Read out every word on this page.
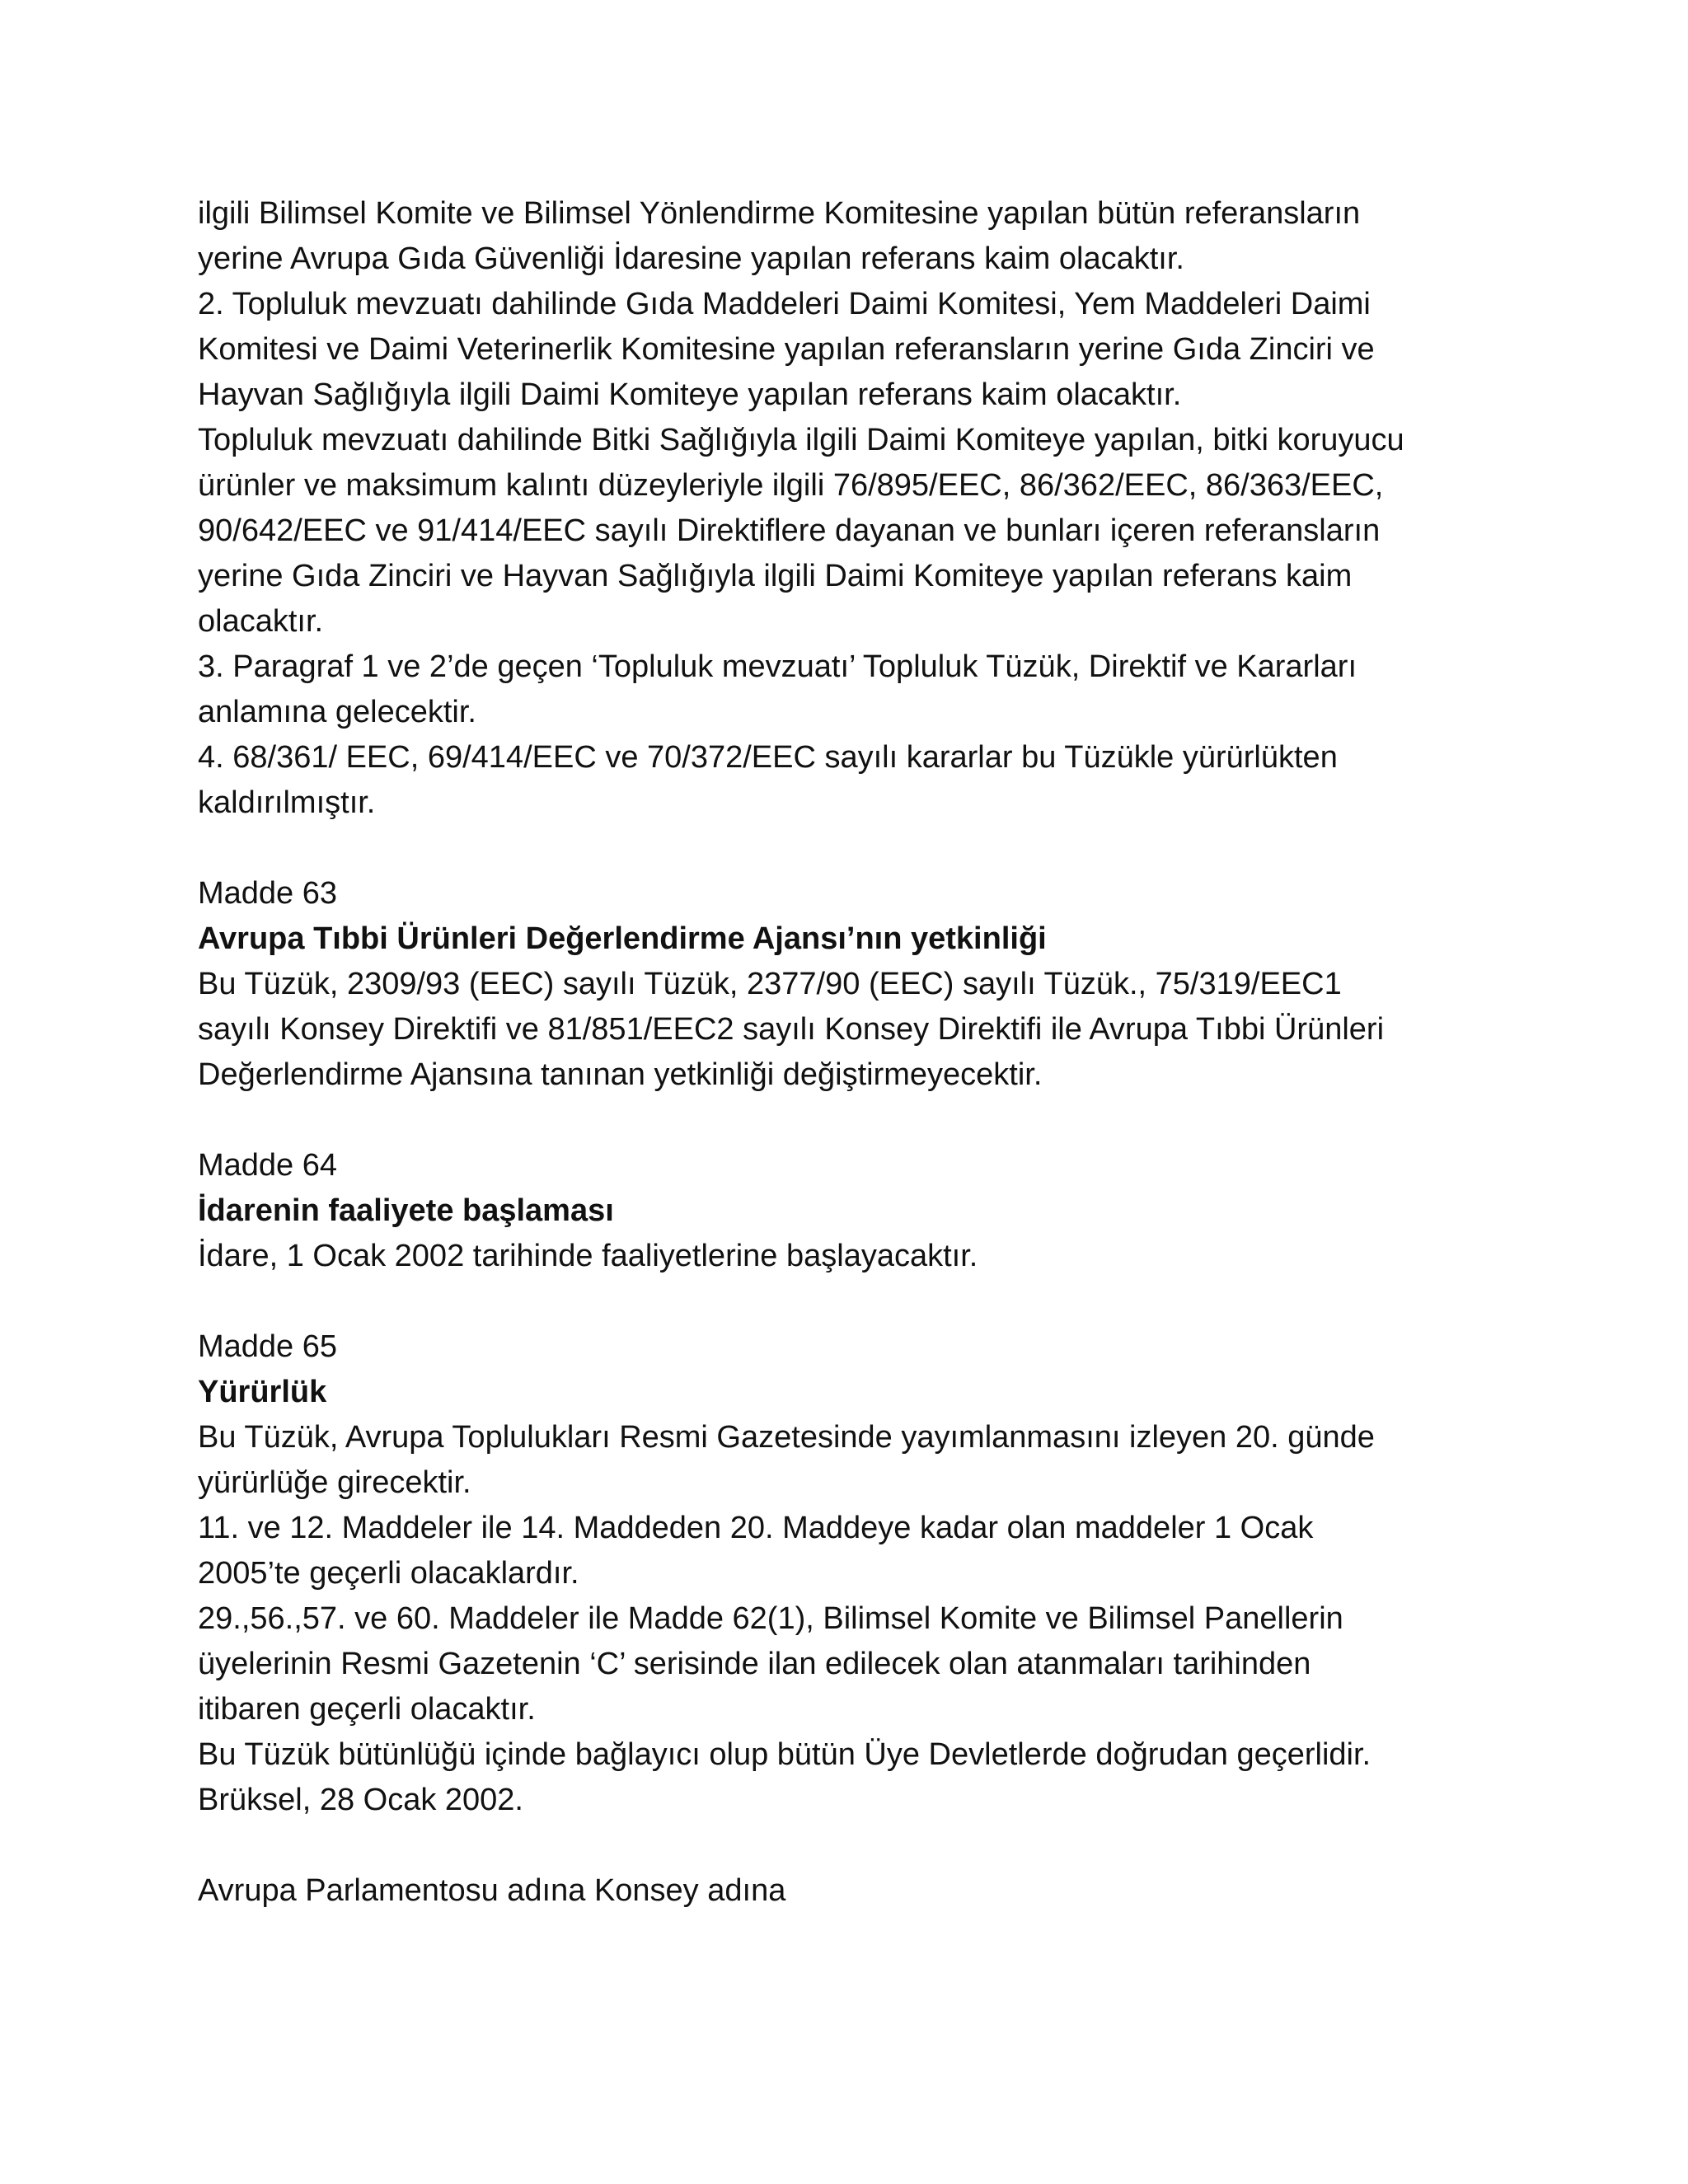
ilgili Bilimsel Komite ve Bilimsel Yönlendirme Komitesine yapılan bütün referansların
yerine Avrupa Gıda Güvenliği İdaresine yapılan referans kaim olacaktır.
2. Topluluk mevzuatı dahilinde Gıda Maddeleri Daimi Komitesi, Yem Maddeleri Daimi
Komitesi ve Daimi Veterinerlik Komitesine yapılan referansların yerine Gıda Zinciri ve
Hayvan Sağlığıyla ilgili Daimi Komiteye yapılan referans kaim olacaktır.
Topluluk mevzuatı dahilinde Bitki Sağlığıyla ilgili Daimi Komiteye yapılan, bitki koruyucu
ürünler ve maksimum kalıntı düzeyleriyle ilgili 76/895/EEC, 86/362/EEC, 86/363/EEC,
90/642/EEC ve 91/414/EEC sayılı Direktiflere dayanan ve bunları içeren referansların
yerine Gıda Zinciri ve Hayvan Sağlığıyla ilgili Daimi Komiteye yapılan referans kaim
olacaktır.
3. Paragraf 1 ve 2’de geçen ‘Topluluk mevzuatı’ Topluluk Tüzük, Direktif ve Kararları
anlamına gelecektir.
4. 68/361/ EEC, 69/414/EEC ve 70/372/EEC sayılı kararlar bu Tüzükle yürürlükten
kaldırılmıştır.
Madde 63
Avrupa Tıbbi Ürünleri Değerlendirme Ajansı’nın yetkinliği
Bu Tüzük, 2309/93 (EEC) sayılı Tüzük, 2377/90 (EEC) sayılı Tüzük., 75/319/EEC1
sayılı Konsey Direktifi ve 81/851/EEC2 sayılı Konsey Direktifi ile Avrupa Tıbbi Ürünleri
Değerlendirme Ajansına tanınan yetkinliği değiştirmeyecektir.
Madde 64
İdarenin faaliyete başlaması
İdare, 1 Ocak 2002 tarihinde faaliyetlerine başlayacaktır.
Madde 65
Yürürlük
Bu Tüzük, Avrupa Toplulukları Resmi Gazetesinde yayımlanmasını izleyen 20. günde
yürürlüğe girecektir.
11. ve 12. Maddeler ile 14. Maddeden 20. Maddeye kadar olan maddeler 1 Ocak
2005’te geçerli olacaklardır.
29.,56.,57. ve 60. Maddeler ile Madde 62(1), Bilimsel Komite ve Bilimsel Panellerin
üyelerinin Resmi Gazetenin ‘C’ serisinde ilan edilecek olan atanmaları tarihinden
itibaren geçerli olacaktır.
Bu Tüzük bütünlüğü içinde bağlayıcı olup bütün Üye Devletlerde doğrudan geçerlidir.
Brüksel, 28 Ocak 2002.
Avrupa Parlamentosu adına Konsey adına
